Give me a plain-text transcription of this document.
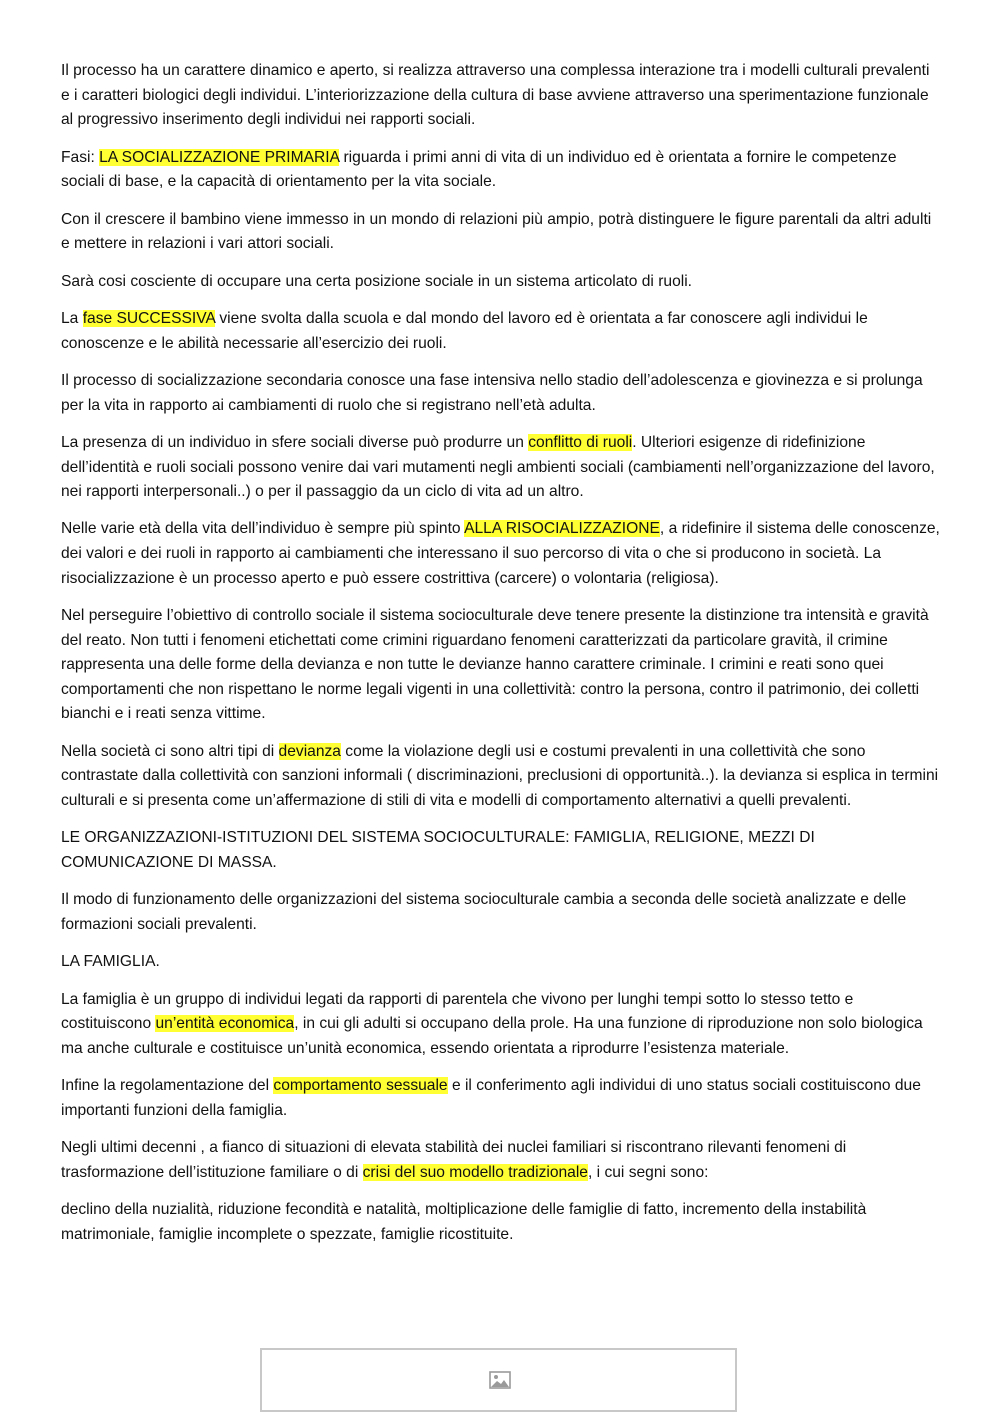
Il processo ha un carattere dinamico e aperto, si realizza attraverso una complessa interazione tra i modelli culturali prevalenti e i caratteri biologici degli individui. L’interiorizzazione della cultura di base avviene attraverso una sperimentazione funzionale al progressivo inserimento degli individui nei rapporti sociali.

Fasi: LA SOCIALIZZAZIONE PRIMARIA riguarda i primi anni di vita di un individuo ed è orientata a fornire le competenze sociali di base, e la capacità di orientamento per la vita sociale.

Con il crescere il bambino viene immesso in un mondo di relazioni più ampio, potrà distinguere le figure parentali da altri adulti e mettere in relazioni i vari attori sociali.

Sarà cosi cosciente di occupare una certa posizione sociale in un sistema articolato di ruoli.

La fase SUCCESSIVA viene svolta dalla scuola e dal mondo del lavoro ed è orientata a far conoscere agli individui le conoscenze e le abilità necessarie all’esercizio dei ruoli.

Il processo di socializzazione secondaria conosce una fase intensiva nello stadio dell’adolescenza e giovinezza e si prolunga per la vita in rapporto ai cambiamenti di ruolo che si registrano nell’età adulta.

La presenza di un individuo in sfere sociali diverse può produrre un conflitto di ruoli. Ulteriori esigenze di ridefinizione dell’identità e ruoli sociali possono venire dai vari mutamenti negli ambienti sociali (cambiamenti nell’organizzazione del lavoro, nei rapporti interpersonali..) o per il passaggio da un ciclo di vita ad un altro.

Nelle varie età della vita dell’individuo è sempre più spinto ALLA RISOCIALIZZAZIONE, a ridefinire il sistema delle conoscenze, dei valori e dei ruoli in rapporto ai cambiamenti che interessano il suo percorso di vita o che si producono in società. La risocializzazione è un processo aperto e può essere costrittiva (carcere) o volontaria (religiosa).

Nel perseguire l’obiettivo di controllo sociale il sistema socioculturale deve tenere presente la distinzione tra intensità e gravità del reato. Non tutti i fenomeni etichettati come crimini riguardano fenomeni caratterizzati da particolare gravità, il crimine rappresenta una delle forme della devianza e non tutte le devianze hanno carattere criminale. I crimini e reati sono quei comportamenti che non rispettano le norme legali vigenti in una collettività: contro la persona, contro il patrimonio, dei colletti bianchi e i reati senza vittime.

Nella società ci sono altri tipi di devianza come la violazione degli usi e costumi prevalenti in una collettività che sono contrastate dalla collettività con sanzioni informali ( discriminazioni, preclusioni di opportunità..). la devianza si esplica in termini culturali e si presenta come un’affermazione di stili di vita e modelli di comportamento alternativi a quelli prevalenti.

LE ORGANIZZAZIONI-ISTITUZIONI DEL SISTEMA SOCIOCULTURALE: FAMIGLIA, RELIGIONE, MEZZI DI COMUNICAZIONE DI MASSA.

Il modo di funzionamento delle organizzazioni del sistema socioculturale cambia a seconda delle società analizzate e delle formazioni sociali prevalenti.

LA FAMIGLIA.

La famiglia è un gruppo di individui legati da rapporti di parentela che vivono per lunghi tempi sotto lo stesso tetto e costituiscono un’entità economica, in cui gli adulti si occupano della prole. Ha una funzione di riproduzione non solo biologica ma anche culturale e costituisce un’unità economica, essendo orientata a riprodurre l’esistenza materiale.

Infine la regolamentazione del comportamento sessuale e il conferimento agli individui di uno status sociali costituiscono due importanti funzioni della famiglia.

Negli ultimi decenni , a fianco di situazioni di elevata stabilità dei nuclei familiari si riscontrano rilevanti fenomeni di trasformazione dell’istituzione familiare o di crisi del suo modello tradizionale, i cui segni sono:

declino della nuzialità, riduzione fecondità e natalità, moltiplicazione delle famiglie di fatto, incremento della instabilità matrimoniale, famiglie incomplete o spezzate, famiglie ricostituite.
